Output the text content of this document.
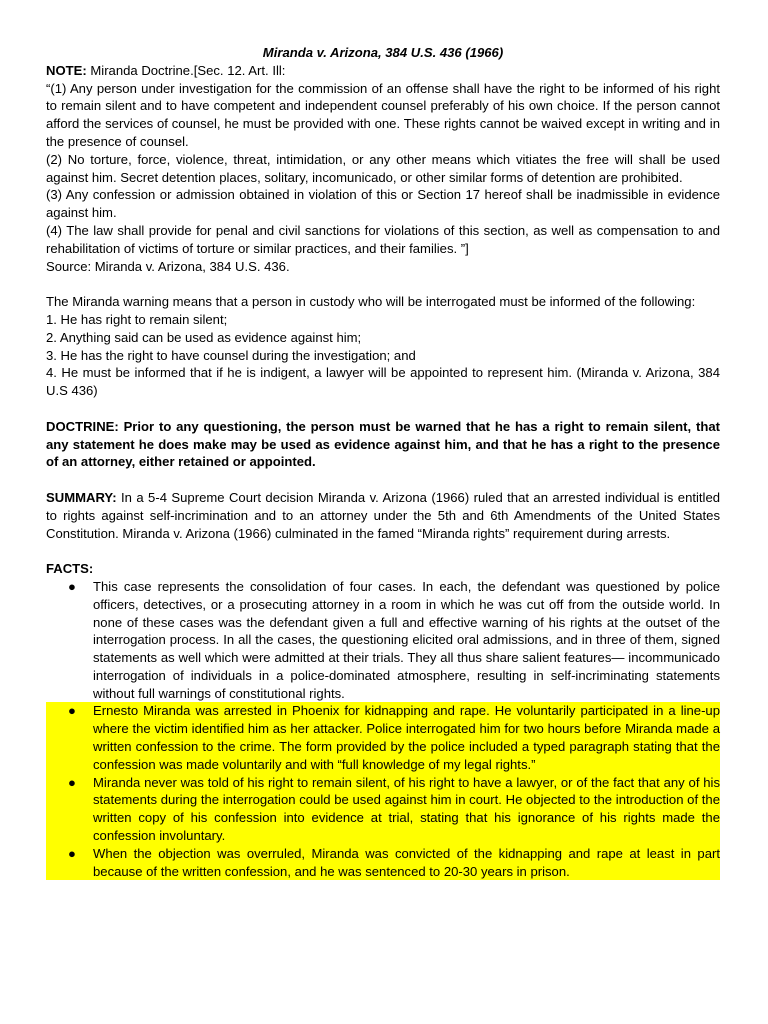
Miranda v. Arizona, 384 U.S. 436 (1966)

NOTE: Miranda Doctrine.[Sec. 12. Art. Ill:

“(1) Any person under investigation for the commission of an offense shall have the right to be informed of his right to remain silent and to have competent and independent counsel preferably of his own choice. If the person cannot afford the services of counsel, he must be provided with one. These rights cannot be waived except in writing and in the presence of counsel.

(2) No torture, force, violence, threat, intimidation, or any other means which vitiates the free will shall be used against him. Secret detention places, solitary, incomunicado, or other similar forms of detention are prohibited.

(3) Any confession or admission obtained in violation of this or Section 17 hereof shall be inadmissible in evidence against him.

(4) The law shall provide for penal and civil sanctions for violations of this section, as well as compensation to and rehabilitation of victims of torture or similar practices, and their families. ”]

Source: Miranda v. Arizona, 384 U.S. 436.

The Miranda warning means that a person in custody who will be interrogated must be informed of the following:

1. He has right to remain silent;

2. Anything said can be used as evidence against him;

3. He has the right to have counsel during the investigation; and

4. He must be informed that if he is indigent, a lawyer will be appointed to represent him. (Miranda v. Arizona, 384 U.S 436)

DOCTRINE: Prior to any questioning, the person must be warned that he has a right to remain silent, that any statement he does make may be used as evidence against him, and that he has a right to the presence of an attorney, either retained or appointed.

SUMMARY: In a 5-4 Supreme Court decision Miranda v. Arizona (1966) ruled that an arrested individual is entitled to rights against self-incrimination and to an attorney under the 5th and 6th Amendments of the United States Constitution. Miranda v. Arizona (1966) culminated in the famed “Miranda rights” requirement during arrests.

FACTS:

● This case represents the consolidation of four cases. In each, the defendant was questioned by police officers, detectives, or a prosecuting attorney in a room in which he was cut off from the outside world. In none of these cases was the defendant given a full and effective warning of his rights at the outset of the interrogation process. In all the cases, the questioning elicited oral admissions, and in three of them, signed statements as well which were admitted at their trials. They all thus share salient features— incommunicado interrogation of individuals in a police-dominated atmosphere, resulting in self-incriminating statements without full warnings of constitutional rights.
● Ernesto Miranda was arrested in Phoenix for kidnapping and rape. He voluntarily participated in a line-up where the victim identified him as her attacker. Police interrogated him for two hours before Miranda made a written confession to the crime. The form provided by the police included a typed paragraph stating that the confession was made voluntarily and with “full knowledge of my legal rights.”
● Miranda never was told of his right to remain silent, of his right to have a lawyer, or of the fact that any of his statements during the interrogation could be used against him in court. He objected to the introduction of the written copy of his confession into evidence at trial, stating that his ignorance of his rights made the confession involuntary.
● When the objection was overruled, Miranda was convicted of the kidnapping and rape at least in part because of the written confession, and he was sentenced to 20-30 years in prison.
